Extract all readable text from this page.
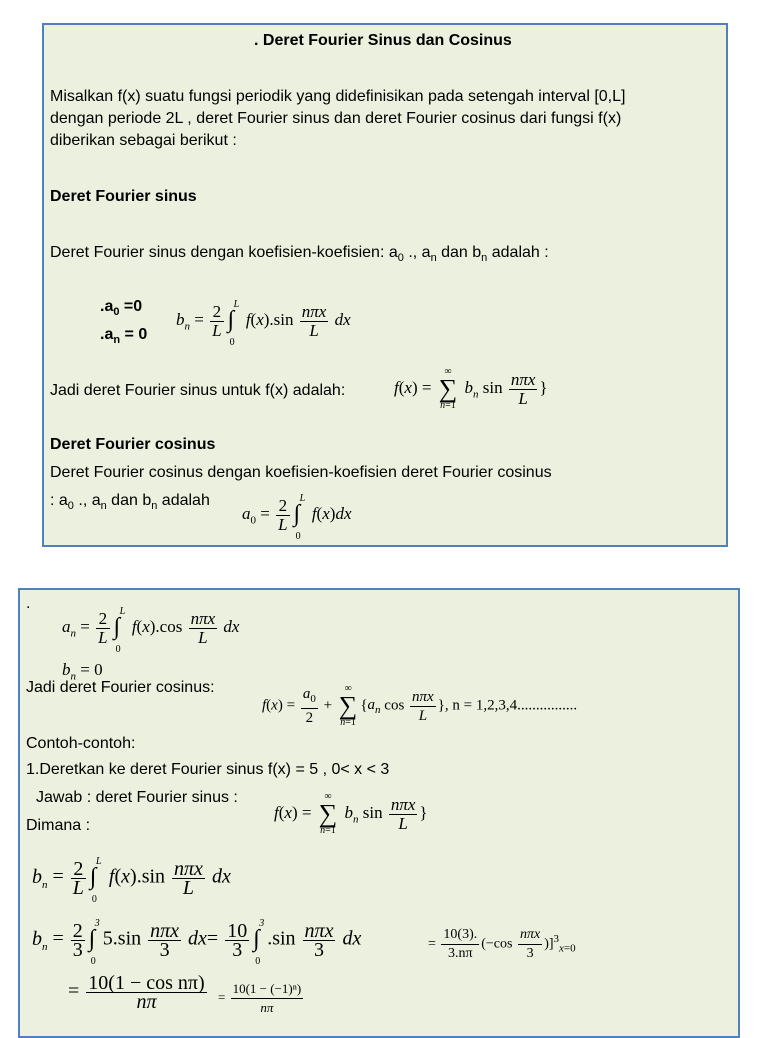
. Deret Fourier Sinus dan Cosinus
Misalkan f(x) suatu fungsi periodik yang didefinisikan pada setengah interval [0,L]
dengan periode 2L , deret Fourier sinus dan deret Fourier cosinus dari fungsi f(x)
diberikan sebagai berikut :
Deret Fourier sinus
Deret Fourier sinus dengan koefisien-koefisien: $a_0$ ., $a_n$ dan $b_n$ adalah :
$.a_0 =0$
$.a_n = 0$
$b_n = \frac{2}{L}$ ∫
L
0
$f(x).\sin \frac{\text{nπx}}{L}$ dx
Jadi deret Fourier sinus untuk f(x) adalah:	f(x) =
∞
∑
n=1
$b_n$ $\sin \frac{\text{nπx}}{L}$ }
Deret Fourier cosinus
Deret Fourier cosinus dengan koefisien-koefisien deret Fourier cosinus
: $a_0$ ., $a_n$ dan $b_n$ adalah
$a_0 = \frac{2}{L}$ ∫
L
0
f(x)dx
.
$a_n = \frac{2}{L}$ ∫
L
0
$f(x).\cos \frac{\text{nπx}}{L}$ dx
$b_n = 0$
Jadi deret Fourier cosinus:
$f(x) = \frac{a_0}{2}$ +
∞
∑
n=1
{$a_n$ $\cos \frac{\text{nπx}}{L}$ }, n = 1,2,3,4................
Contoh-contoh:
1.Deretkan ke deret Fourier sinus f(x) = 5 , 0< x < 3
Jawab : deret Fourier sinus :
Dimana :
f(x) =
∞
∑
n=1
$b_n$ $\sin \frac{\text{nπx}}{L}$ }
$b_n = \frac{2}{L}$ ∫
L
0
$f(x).\sin \frac{\text{nπx}}{L}$ dx
$b_n = \frac{2}{3}$ ∫
3
0
$5.\sin \frac{\text{nπx}}{3} dx= \frac{10}{3}$ ∫
3
0
$.\sin \frac{\text{nπx}}{3}$ dx	= $\frac{10(3).}{3.n\pi} (-\cos \frac{\text{nπx}}{3} )]^3_{x=0}$
= $\frac{\text{10(1 − cos nπ)}}{n\pi} = \frac{\text{10(1 − (−1)ⁿ)}}{n\pi}$
